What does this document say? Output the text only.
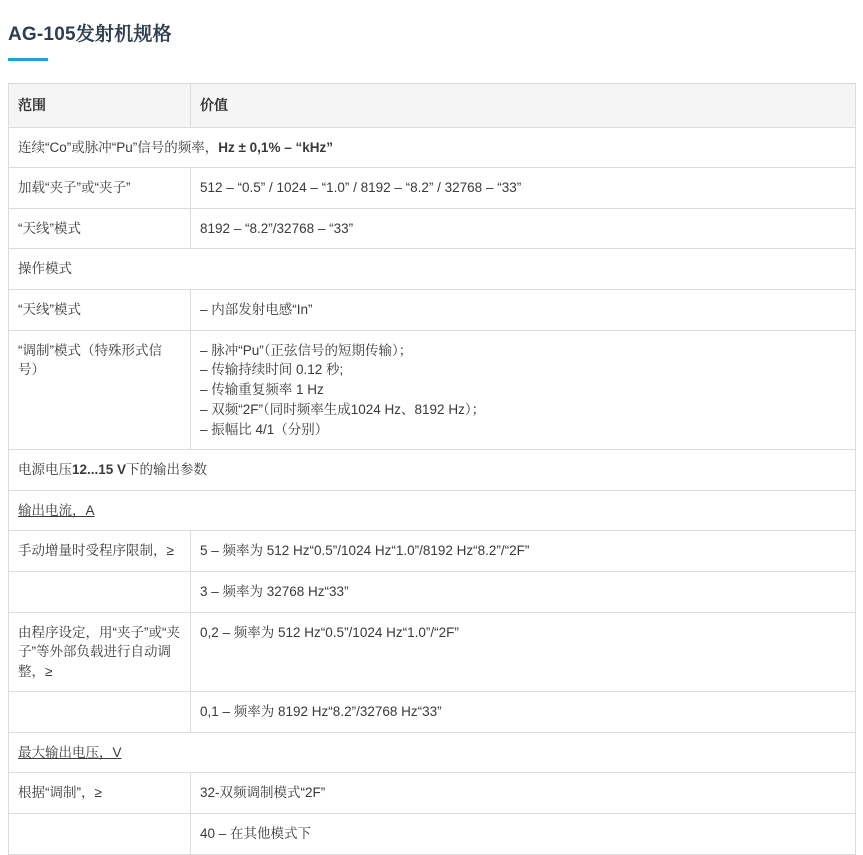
AG-105发射机规格
范围	价值
连续“Co”或脉冲“Pu”信号的频率，Hz ± 0,1% – “kHz”	
加载“夹子”或“夹子”	512 – “0.5” / 1024 – “1.0” / 8192 – “8.2” / 32768 – “33”

“天线”模式	8192 – “8.2”/32768 – “33”

操作模式	
“天线”模式	– 内部发射电感“In”

“调制”模式（特殊形式信号）	– 脉冲“Pu”（正弦信号的短期传输）；
– 传输持续时间 0.12 秒;
– 传输重复频率 1 Hz
– 双频“2F”（同时频率生成1024 Hz、8192 Hz）；
– 振幅比 4/1（分别）

电源电压12...15 V下的输出参数	
输出电流，A	
手动增量时受程序限制，≥	5 – 频率为 512 Hz“0.5”/1024 Hz“1.0”/8192 Hz“8.2”/“2F”

	3 – 频率为 32768 Hz“33”

由程序设定，用“夹子”或“夹子”等外部负载进行自动调整，≥	0,2 – 频率为 512 Hz“0.5”/1024 Hz“1.0”/“2F”

	0,1 – 频率为 8192 Hz“8.2”/32768 Hz“33”

最大输出电压，V	
根据“调制”，≥	32-双频调制模式“2F”

	40 – 在其他模式下
